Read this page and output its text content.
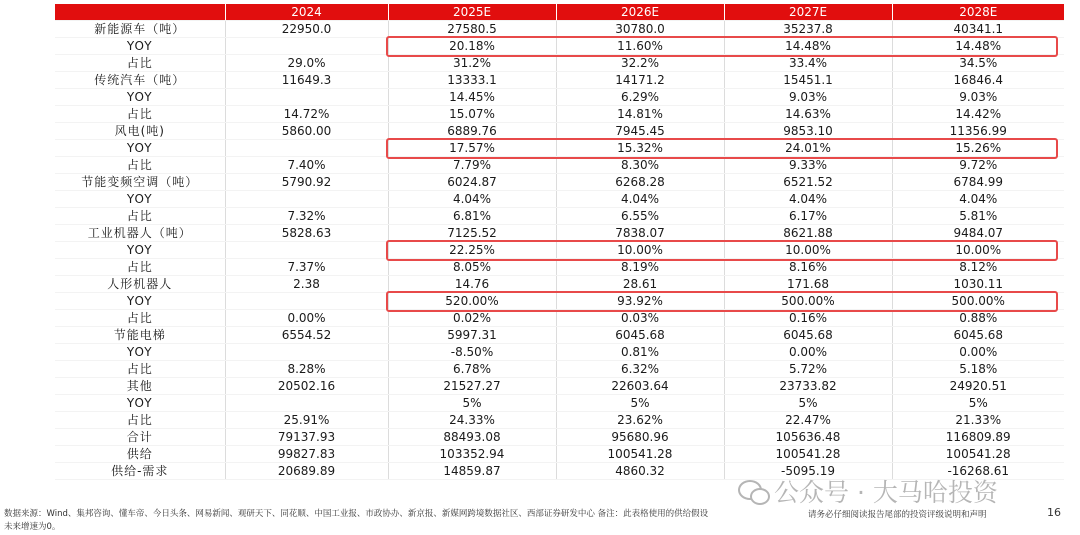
	2024	2025E	2026E	2027E	2028E
新能源车（吨）	22950.0	27580.5	30780.0	35237.8	40341.1
YOY		20.18%	11.60%	14.48%	14.48%
占比	29.0%	31.2%	32.2%	33.4%	34.5%
传统汽车（吨）	11649.3	13333.1	14171.2	15451.1	16846.4
YOY		14.45%	6.29%	9.03%	9.03%
占比	14.72%	15.07%	14.81%	14.63%	14.42%
风电(吨)	5860.00	6889.76	7945.45	9853.10	11356.99
YOY		17.57%	15.32%	24.01%	15.26%
占比	7.40%	7.79%	8.30%	9.33%	9.72%
节能变频空调（吨）	5790.92	6024.87	6268.28	6521.52	6784.99
YOY		4.04%	4.04%	4.04%	4.04%
占比	7.32%	6.81%	6.55%	6.17%	5.81%
工业机器人（吨）	5828.63	7125.52	7838.07	8621.88	9484.07
YOY		22.25%	10.00%	10.00%	10.00%
占比	7.37%	8.05%	8.19%	8.16%	8.12%
人形机器人	2.38	14.76	28.61	171.68	1030.11
YOY		520.00%	93.92%	500.00%	500.00%
占比	0.00%	0.02%	0.03%	0.16%	0.88%
节能电梯	6554.52	5997.31	6045.68	6045.68	6045.68
YOY		-8.50%	0.81%	0.00%	0.00%
占比	8.28%	6.78%	6.32%	5.72%	5.18%
其他	20502.16	21527.27	22603.64	23733.82	24920.51
YOY		5%	5%	5%	5%
占比	25.91%	24.33%	23.62%	22.47%	21.33%
合计	79137.93	88493.08	95680.96	105636.48	116809.89
供给	99827.83	103352.94	100541.28	100541.28	100541.28
供给-需求	20689.89	14859.87	4860.32	-5095.19	-16268.61
数据来源：Wind、集邦咨询、懂车帝、今日头条、网易新闻、观研天下、同花顺、中国工业报、市政协办、新京报、新媒网跨境数据社区、西部证券研发中心 备注：此表格使用的供给假设
未来增速为0。
请务必仔细阅读报告尾部的投资评级说明和声明	16
公众号 · 大马哈投资
